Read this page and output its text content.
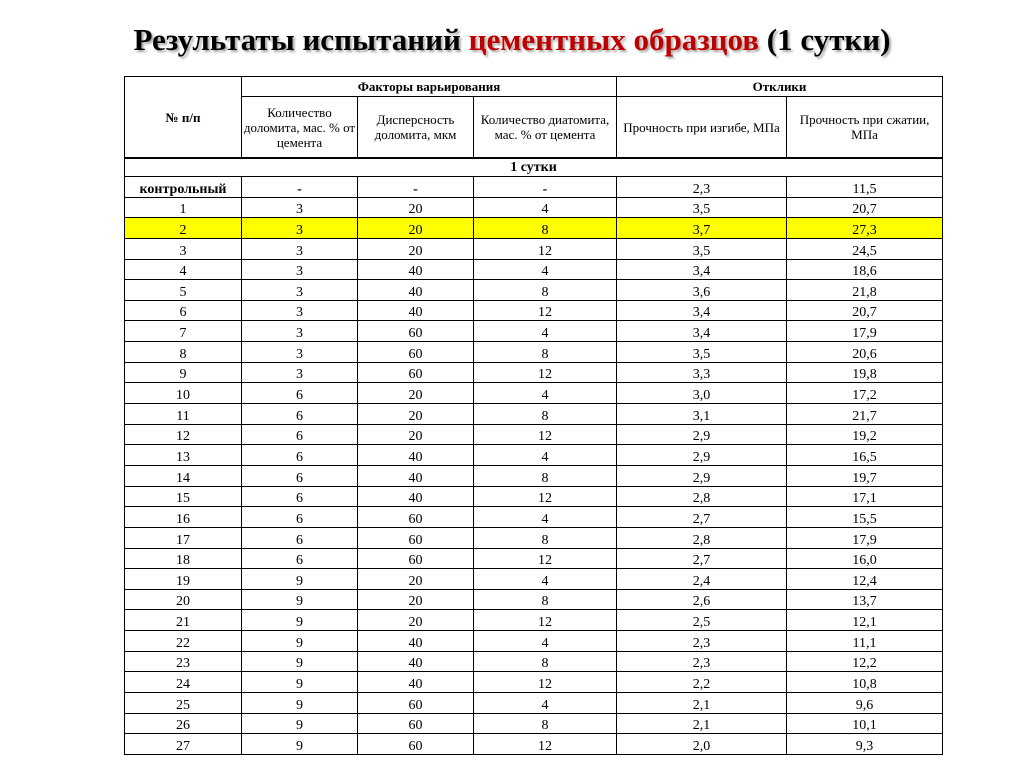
Результаты испытаний цементных образцов (1 сутки)
№ п/п	Факторы варьирования			Отклики	
	Количество доломита, мас. % от цемента	Дисперсность доломита, мкм	Количество диатомита, мас. % от цемента	Прочность при изгибе, МПа	Прочность при сжатии, МПа
1 сутки					
контрольный	-	-	-	2,3	11,5
1	3	20	4	3,5	20,7
2	3	20	8	3,7	27,3
3	3	20	12	3,5	24,5
4	3	40	4	3,4	18,6
5	3	40	8	3,6	21,8
6	3	40	12	3,4	20,7
7	3	60	4	3,4	17,9
8	3	60	8	3,5	20,6
9	3	60	12	3,3	19,8
10	6	20	4	3,0	17,2
11	6	20	8	3,1	21,7
12	6	20	12	2,9	19,2
13	6	40	4	2,9	16,5
14	6	40	8	2,9	19,7
15	6	40	12	2,8	17,1
16	6	60	4	2,7	15,5
17	6	60	8	2,8	17,9
18	6	60	12	2,7	16,0
19	9	20	4	2,4	12,4
20	9	20	8	2,6	13,7
21	9	20	12	2,5	12,1
22	9	40	4	2,3	11,1
23	9	40	8	2,3	12,2
24	9	40	12	2,2	10,8
25	9	60	4	2,1	9,6
26	9	60	8	2,1	10,1
27	9	60	12	2,0	9,3
